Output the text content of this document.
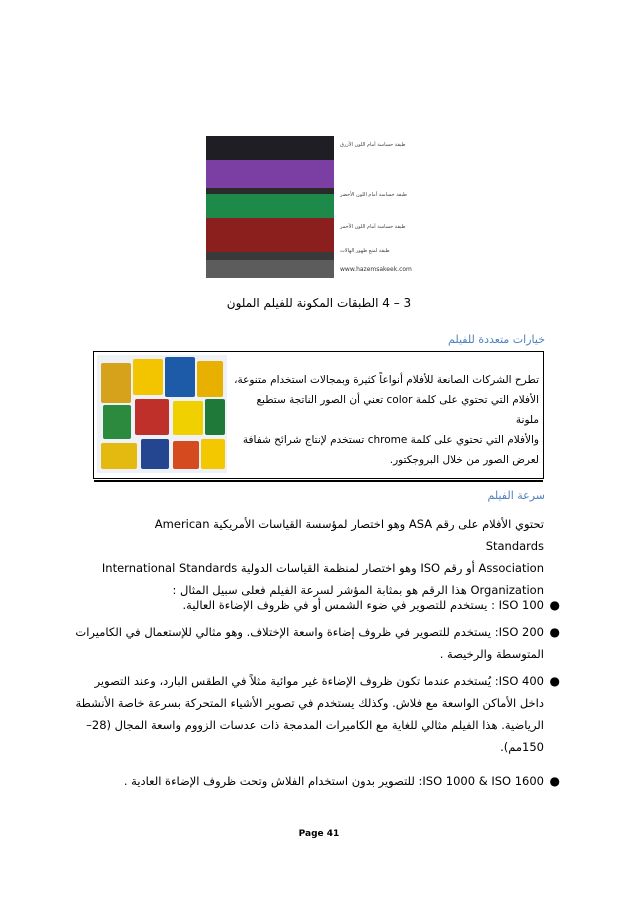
طبقة حساسة أمام اللون الأزرق
طبقة حساسة أمام اللون الأخضر
طبقة حساسة أمام اللون الأحمر
طبقة لمنع ظهور الهالات
www.hazemsakeek.com
3 – 4 الطبقات المكونة للفيلم الملون
خيارات متعددة للفيلم
تطرح الشركات الصانعة للأفلام أنواعاً كثيرة وبمجالات استخدام متنوعة،
الأفلام التي تحتوي على كلمة color تعني أن الصور الناتجة ستطبع ملونة
والأفلام التي تحتوي على كلمة chrome تستخدم لإنتاج شرائح شفافة
لعرض الصور من خلال البروجكتور.
سرعة الفيلم
تحتوي الأفلام على رقم ASA وهو اختصار لمؤسسة القياسات الأمريكية American Standards
Association أو رقم ISO وهو اختصار لمنظمة القياسات الدولية International Standards
Organization هذا الرقم هو بمثابة المؤشر لسرعة الفيلم فعلى سبيل المثال :
●
ISO 100 : يستخدم للتصوير في ضوء الشمس أو في ظروف الإضاءة العالية.
●
ISO 200: يستخدم للتصوير في ظروف إضاءة واسعة الإختلاف. وهو مثالي للإستعمال في الكاميرات
المتوسطة والرخيصة .
●
ISO 400: يُستخدم عندما تكون ظروف الإضاءة غير موائية مثلاً في الطقس البارد، وعند التصوير
داخل الأماكن الواسعة مع فلاش. وكذلك يستخدم في تصوير الأشياء المتحركة بسرعة خاصة الأنشطة
الرياضية. هذا الفيلم مثالي للغاية مع الكاميرات المدمجة ذات عدسات الزووم واسعة المجال (28–
150مم).
●
ISO 1000 & ISO 1600: للتصوير بدون استخدام الفلاش وتحت ظروف الإضاءة العادية .
Page 41
